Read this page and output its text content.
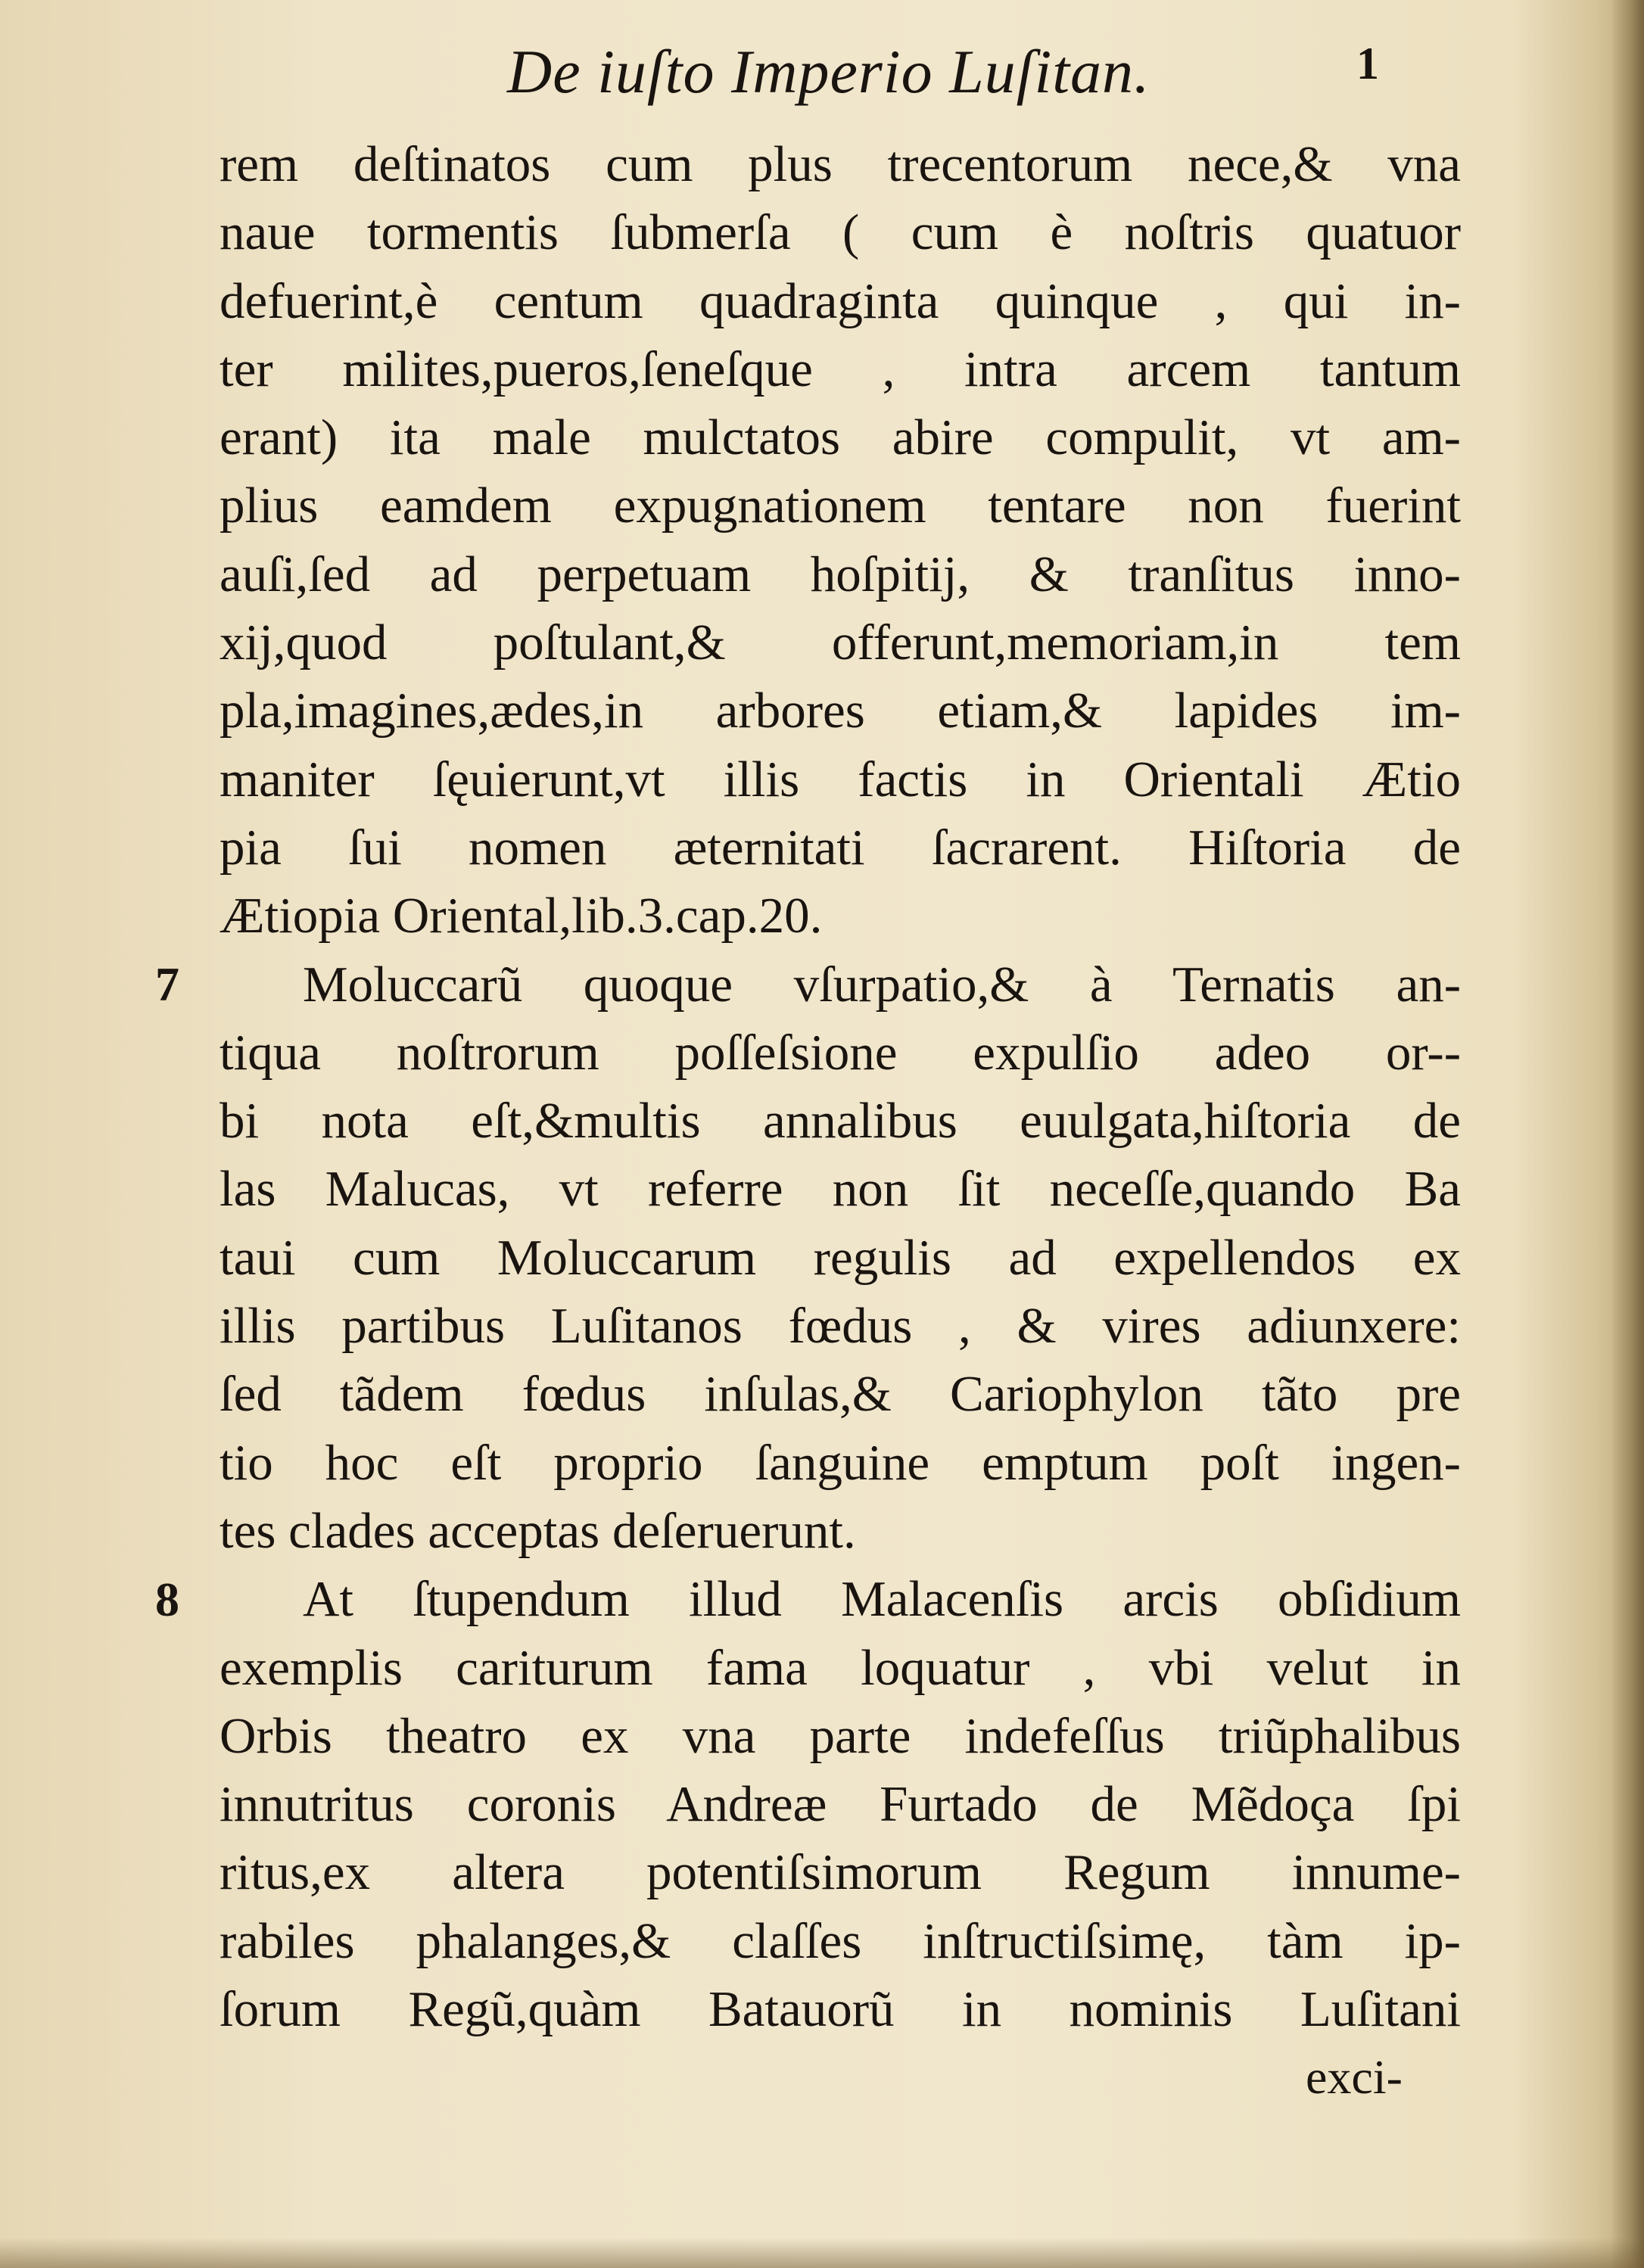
De iuſto Imperio Luſitan.	1
rem deſtinatos cum plus trecentorum nece,& vna
naue tormentis ſubmerſa ( cum è noſtris quatuor
defuerint,è centum quadraginta quinque , qui in-
ter milites,pueros,ſeneſque , intra arcem tantum
erant) ita male mulctatos abire compulit, vt am-
plius eamdem expugnationem tentare non fuerint
auſi,ſed ad perpetuam hoſpitij, & tranſitus inno-
xij,quod poſtulant,& offerunt,memoriam,in tem
pla,imagines,ædes,in arbores etiam,& lapides im-
maniter ſęuierunt,vt illis factis in Orientali Ætio
pia ſui nomen æternitati ſacrarent. Hiſtoria de
Ætiopia Oriental,lib.3.cap.20.
Moluccarũ quoque vſurpatio,& à Ternatis an-
tiqua noſtrorum poſſeſsione expulſio adeo or--
bi nota eſt,&multis annalibus euulgata,hiſtoria de
las Malucas, vt referre non ſit neceſſe,quando Ba
taui cum Moluccarum regulis ad expellendos ex
illis partibus Luſitanos fœdus , & vires adiunxere:
ſed tãdem fœdus inſulas,& Cariophylon tãto pre
tio hoc eſt proprio ſanguine emptum poſt ingen-
tes clades acceptas deſeruerunt.
At ſtupendum illud Malacenſis arcis obſidium
exemplis cariturum fama loquatur , vbi velut in
Orbis theatro ex vna parte indefeſſus triũphalibus
innutritus coronis Andreæ Furtado de Mẽdoça ſpi
ritus,ex altera potentiſsimorum Regum innume-
rabiles phalanges,& claſſes inſtructiſsimę, tàm ip-
ſorum Regũ,quàm Batauorũ in nominis Luſitani
7
8
exci-
